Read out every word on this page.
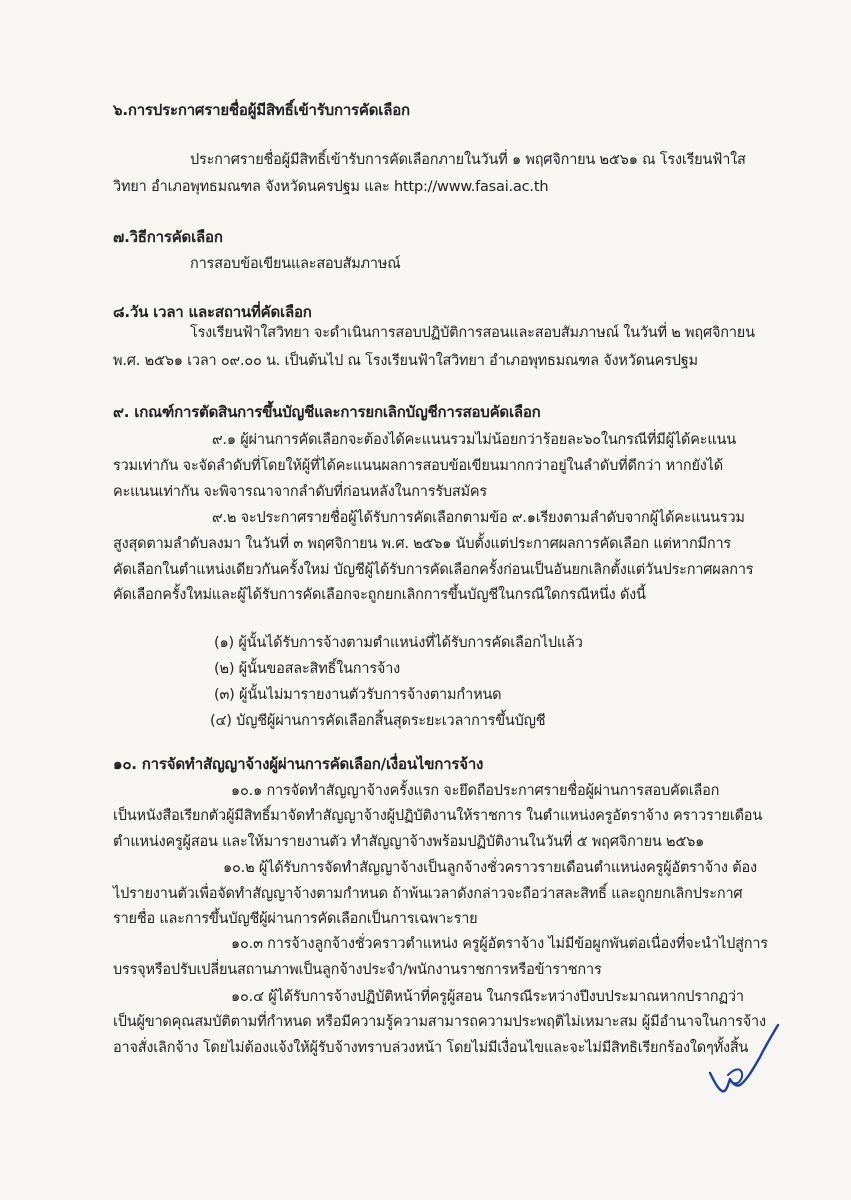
๖.การประกาศรายชื่อผู้มีสิทธิ์เข้ารับการคัดเลือก
ประกาศรายชื่อผู้มีสิทธิ์เข้ารับการคัดเลือกภายในวันที่ ๑ พฤศจิกายน ๒๕๖๑ ณ โรงเรียนฟ้าใส
วิทยา อำเภอพุทธมณฑล จังหวัดนครปฐม และ http://www.fasai.ac.th
๗.วิธีการคัดเลือก
การสอบข้อเขียนและสอบสัมภาษณ์
๘.วัน เวลา และสถานที่คัดเลือก
โรงเรียนฟ้าใสวิทยา จะดำเนินการสอบปฏิบัติการสอนและสอบสัมภาษณ์ ในวันที่ ๒ พฤศจิกายน
พ.ศ. ๒๕๖๑ เวลา ๐๙.๐๐ น. เป็นต้นไป ณ โรงเรียนฟ้าใสวิทยา อำเภอพุทธมณฑล จังหวัดนครปฐม
๙. เกณฑ์การตัดสินการขึ้นบัญชีและการยกเลิกบัญชีการสอบคัดเลือก
๙.๑ ผู้ผ่านการคัดเลือกจะต้องได้คะแนนรวมไม่น้อยกว่าร้อยละ๖๐ในกรณีที่มีผู้ได้คะแนน
รวมเท่ากัน จะจัดลำดับที่โดยให้ผู้ที่ได้คะแนนผลการสอบข้อเขียนมากกว่าอยู่ในลำดับที่ดีกว่า หากยังได้
คะแนนเท่ากัน จะพิจารณาจากลำดับที่ก่อนหลังในการรับสมัคร
๙.๒ จะประกาศรายชื่อผู้ได้รับการคัดเลือกตามข้อ ๙.๑เรียงตามลำดับจากผู้ได้คะแนนรวม
สูงสุดตามลำดับลงมา ในวันที่ ๓ พฤศจิกายน พ.ศ. ๒๕๖๑ นับตั้งแต่ประกาศผลการคัดเลือก แต่หากมีการ
คัดเลือกในตำแหน่งเดียวกันครั้งใหม่ บัญชีผู้ได้รับการคัดเลือกครั้งก่อนเป็นอันยกเลิกตั้งแต่วันประกาศผลการ
คัดเลือกครั้งใหม่และผู้ได้รับการคัดเลือกจะถูกยกเลิกการขึ้นบัญชีในกรณีใดกรณีหนึ่ง ดังนี้
(๑) ผู้นั้นได้รับการจ้างตามตำแหน่งที่ได้รับการคัดเลือกไปแล้ว
(๒) ผู้นั้นขอสละสิทธิ์ในการจ้าง
(๓) ผู้นั้นไม่มารายงานตัวรับการจ้างตามกำหนด
(๔) บัญชีผู้ผ่านการคัดเลือกสิ้นสุดระยะเวลาการขึ้นบัญชี
๑๐. การจัดทำสัญญาจ้างผู้ผ่านการคัดเลือก/เงื่อนไขการจ้าง
๑๐.๑ การจัดทำสัญญาจ้างครั้งแรก จะยึดถือประกาศรายชื่อผู้ผ่านการสอบคัดเลือก
เป็นหนังสือเรียกตัวผู้มีสิทธิ์มาจัดทำสัญญาจ้างผู้ปฏิบัติงานให้ราชการ ในตำแหน่งครูอัตราจ้าง คราวรายเดือน
ตำแหน่งครูผู้สอน และให้มารายงานตัว ทำสัญญาจ้างพร้อมปฏิบัติงานในวันที่ ๕ พฤศจิกายน ๒๕๖๑
๑๐.๒ ผู้ได้รับการจัดทำสัญญาจ้างเป็นลูกจ้างชั่วคราวรายเดือนตำแหน่งครูผู้อัตราจ้าง ต้อง
ไปรายงานตัวเพื่อจัดทำสัญญาจ้างตามกำหนด ถ้าพ้นเวลาดังกล่าวจะถือว่าสละสิทธิ์ และถูกยกเลิกประกาศ
รายชื่อ และการขึ้นบัญชีผู้ผ่านการคัดเลือกเป็นการเฉพาะราย
๑๐.๓ การจ้างลูกจ้างชั่วคราวตำแหน่ง ครูผู้อัตราจ้าง ไม่มีข้อผูกพันต่อเนื่องที่จะนำไปสู่การ
บรรจุหรือปรับเปลี่ยนสถานภาพเป็นลูกจ้างประจำ/พนักงานราชการหรือข้าราชการ
๑๐.๔ ผู้ได้รับการจ้างปฏิบัติหน้าที่ครูผู้สอน ในกรณีระหว่างปีงบประมาณหากปรากฏว่า
เป็นผู้ขาดคุณสมบัติตามที่กำหนด หรือมีความรู้ความสามารถความประพฤติไม่เหมาะสม ผู้มีอำนาจในการจ้าง
อาจสั่งเลิกจ้าง โดยไม่ต้องแจ้งให้ผู้รับจ้างทราบล่วงหน้า โดยไม่มีเงื่อนไขและจะไม่มีสิทธิเรียกร้องใดๆทั้งสิ้น
